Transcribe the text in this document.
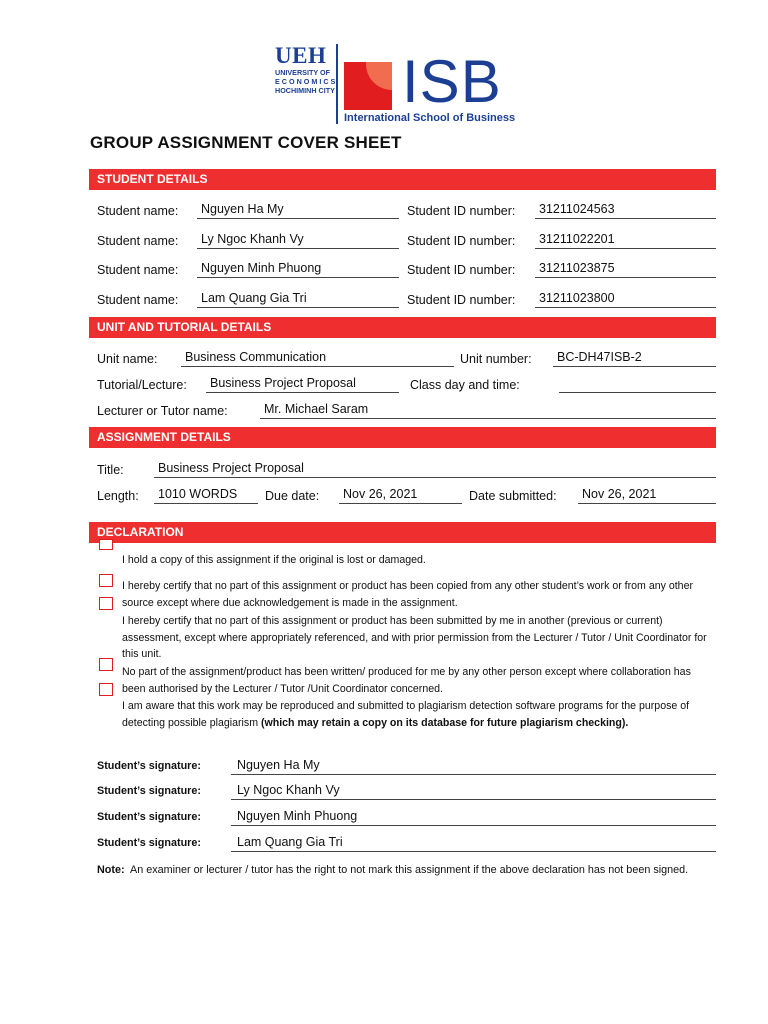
UEH
UNIVERSITY OF
E C O N O M I C S
HOCHIMINH CITY ISB
International School of Business
GROUP ASSIGNMENT COVER SHEET
STUDENT DETAILS
Student name:	Nguyen Ha My	Student ID number:	31211024563
Student name:	Ly Ngoc Khanh Vy	Student ID number:	31211022201
Student name:	Nguyen Minh Phuong	Student ID number:	31211023875
Student name:	Lam Quang Gia Tri	Student ID number:	31211023800
UNIT AND TUTORIAL DETAILS
Unit name:	Business Communication	Unit number:	BC-DH47ISB-2
Tutorial/Lecture:	Business Project Proposal	Class day and time:
Lecturer or Tutor name:	Mr. Michael Saram
ASSIGNMENT DETAILS
Title:	Business Project Proposal
Length:	1010 WORDS	Due date:	Nov 26, 2021	Date submitted:	Nov 26, 2021
DECLARATION
I hold a copy of this assignment if the original is lost or damaged.
I hereby certify that no part of this assignment or product has been copied from any other student’s work or from any other source except where due acknowledgement is made in the assignment.
I hereby certify that no part of this assignment or product has been submitted by me in another (previous or current) assessment, except where appropriately referenced, and with prior permission from the Lecturer / Tutor / Unit Coordinator for this unit.
No part of the assignment/product has been written/ produced for me by any other person except where collaboration has been authorised by the Lecturer / Tutor /Unit Coordinator concerned.
I am aware that this work may be reproduced and submitted to plagiarism detection software programs for the purpose of detecting possible plagiarism (which may retain a copy on its database for future plagiarism checking).
Student’s signature:	Nguyen Ha My
Student’s signature:	Ly Ngoc Khanh Vy
Student’s signature:	Nguyen Minh Phuong
Student’s signature:	Lam Quang Gia Tri
Note:  An examiner or lecturer / tutor has the right to not mark this assignment if the above declaration has not been signed.
